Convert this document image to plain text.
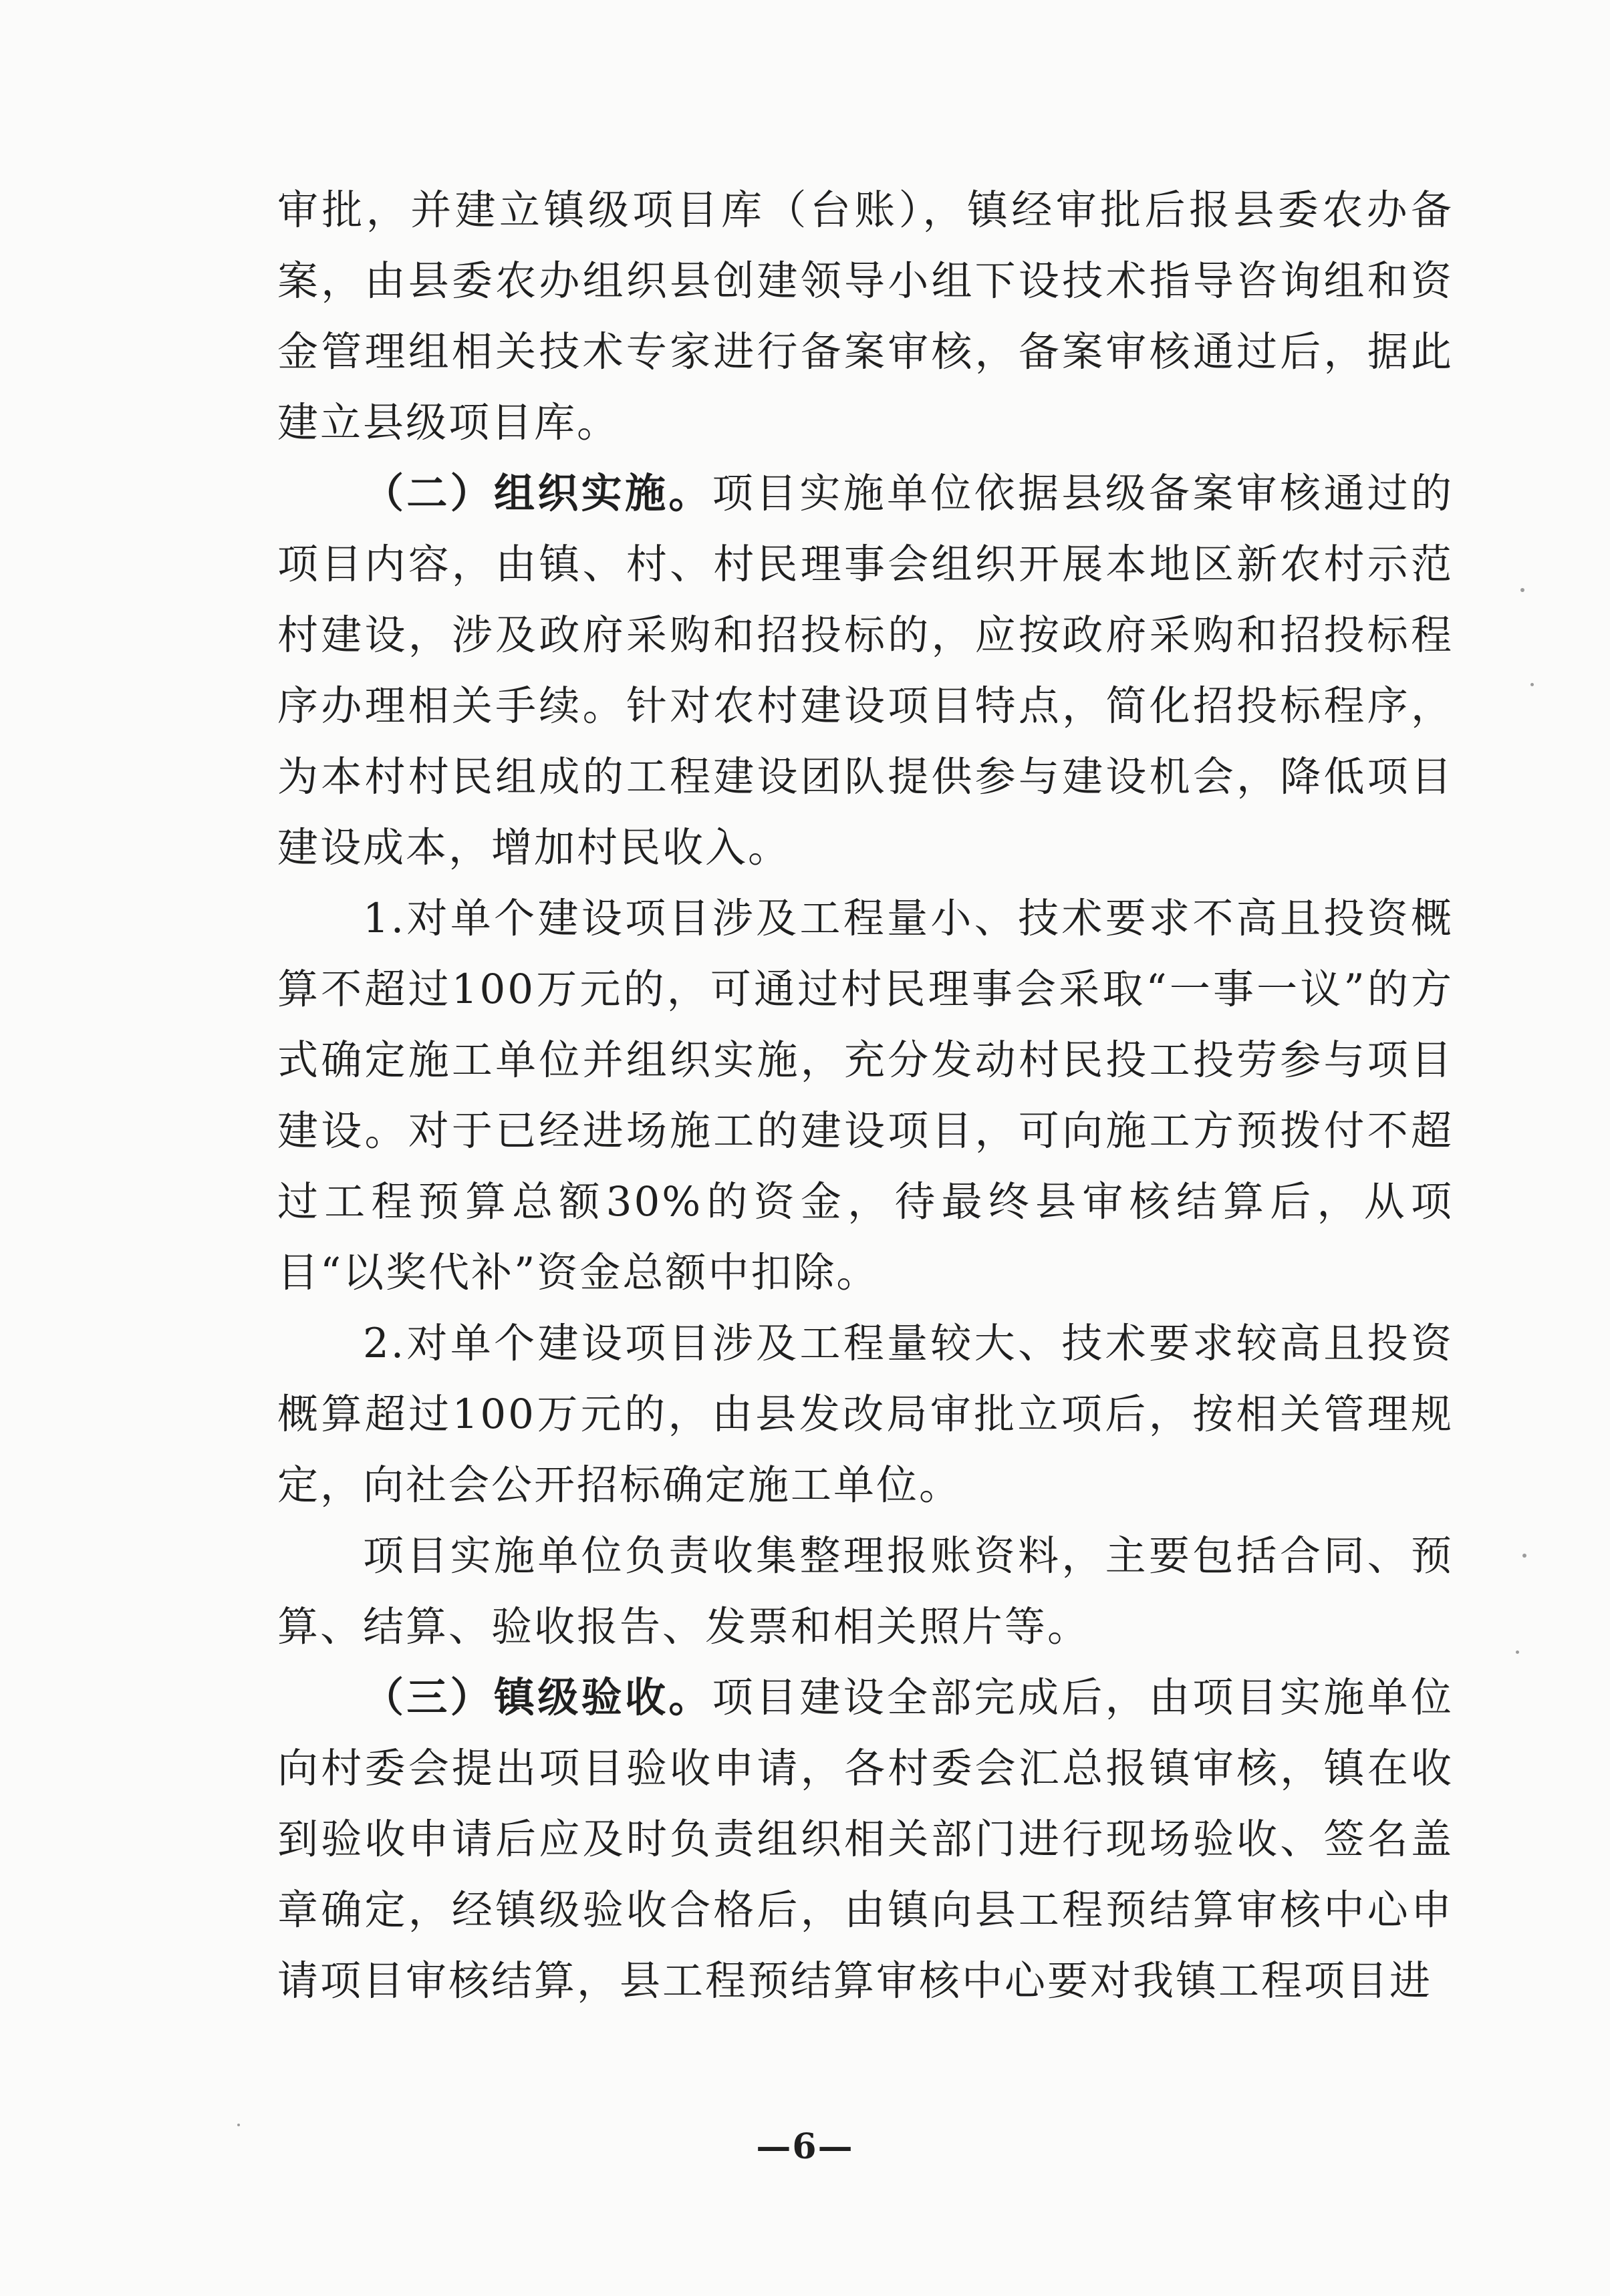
审批，并建立镇级项目库（台账），镇经审批后报县委农办备案，由县委农办组织县创建领导小组下设技术指导咨询组和资金管理组相关技术专家进行备案审核，备案审核通过后，据此建立县级项目库。

（二）组织实施。项目实施单位依据县级备案审核通过的项目内容，由镇、村、村民理事会组织开展本地区新农村示范村建设，涉及政府采购和招投标的，应按政府采购和招投标程序办理相关手续。针对农村建设项目特点，简化招投标程序，为本村村民组成的工程建设团队提供参与建设机会，降低项目建设成本，增加村民收入。

1.对单个建设项目涉及工程量小、技术要求不高且投资概算不超过100万元的，可通过村民理事会采取“一事一议”的方式确定施工单位并组织实施，充分发动村民投工投劳参与项目建设。对于已经进场施工的建设项目，可向施工方预拨付不超过工程预算总额30%的资金，待最终县审核结算后，从项目“以奖代补”资金总额中扣除。

2.对单个建设项目涉及工程量较大、技术要求较高且投资概算超过100万元的，由县发改局审批立项后，按相关管理规定，向社会公开招标确定施工单位。

项目实施单位负责收集整理报账资料，主要包括合同、预算、结算、验收报告、发票和相关照片等。

（三）镇级验收。项目建设全部完成后，由项目实施单位向村委会提出项目验收申请，各村委会汇总报镇审核，镇在收到验收申请后应及时负责组织相关部门进行现场验收、签名盖章确定，经镇级验收合格后，由镇向县工程预结算审核中心申请项目审核结算，县工程预结算审核中心要对我镇工程项目进

—6—
